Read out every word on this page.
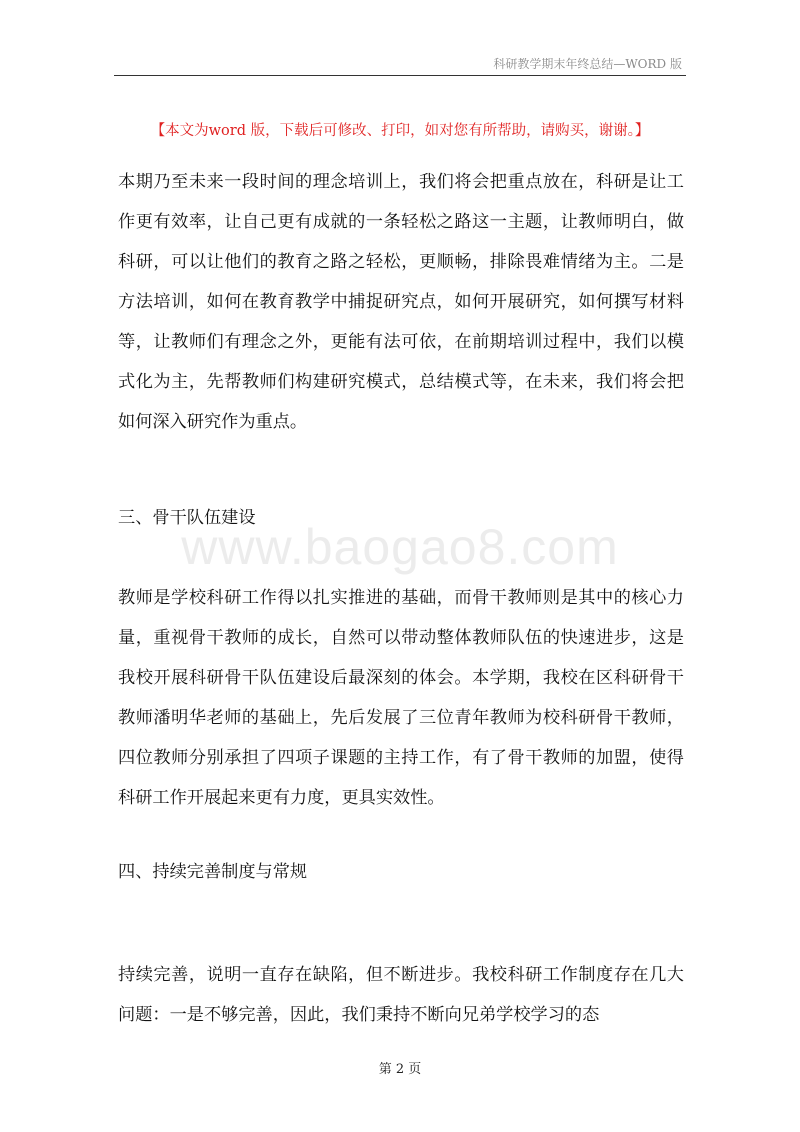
科研教学期末年终总结—WORD 版
【本文为word 版，下载后可修改、打印，如对您有所帮助，请购买，谢谢。】

本期乃至未来一段时间的理念培训上，我们将会把重点放在，科研是让工作更有效率，让自己更有成就的一条轻松之路这一主题，让教师明白，做科研，可以让他们的教育之路之轻松，更顺畅，排除畏难情绪为主。二是方法培训，如何在教育教学中捕捉研究点，如何开展研究，如何撰写材料等，让教师们有理念之外，更能有法可依，在前期培训过程中，我们以模式化为主，先帮教师们构建研究模式，总结模式等，在未来，我们将会把如何深入研究作为重点。

三、骨干队伍建设

www.baogao8.com

教师是学校科研工作得以扎实推进的基础，而骨干教师则是其中的核心力量，重视骨干教师的成长，自然可以带动整体教师队伍的快速进步，这是我校开展科研骨干队伍建设后最深刻的体会。本学期，我校在区科研骨干教师潘明华老师的基础上，先后发展了三位青年教师为校科研骨干教师，四位教师分别承担了四项子课题的主持工作，有了骨干教师的加盟，使得科研工作开展起来更有力度，更具实效性。

四、持续完善制度与常规

持续完善，说明一直存在缺陷，但不断进步。我校科研工作制度存在几大问题：一是不够完善，因此，我们秉持不断向兄弟学校学习的态

第 2 页
